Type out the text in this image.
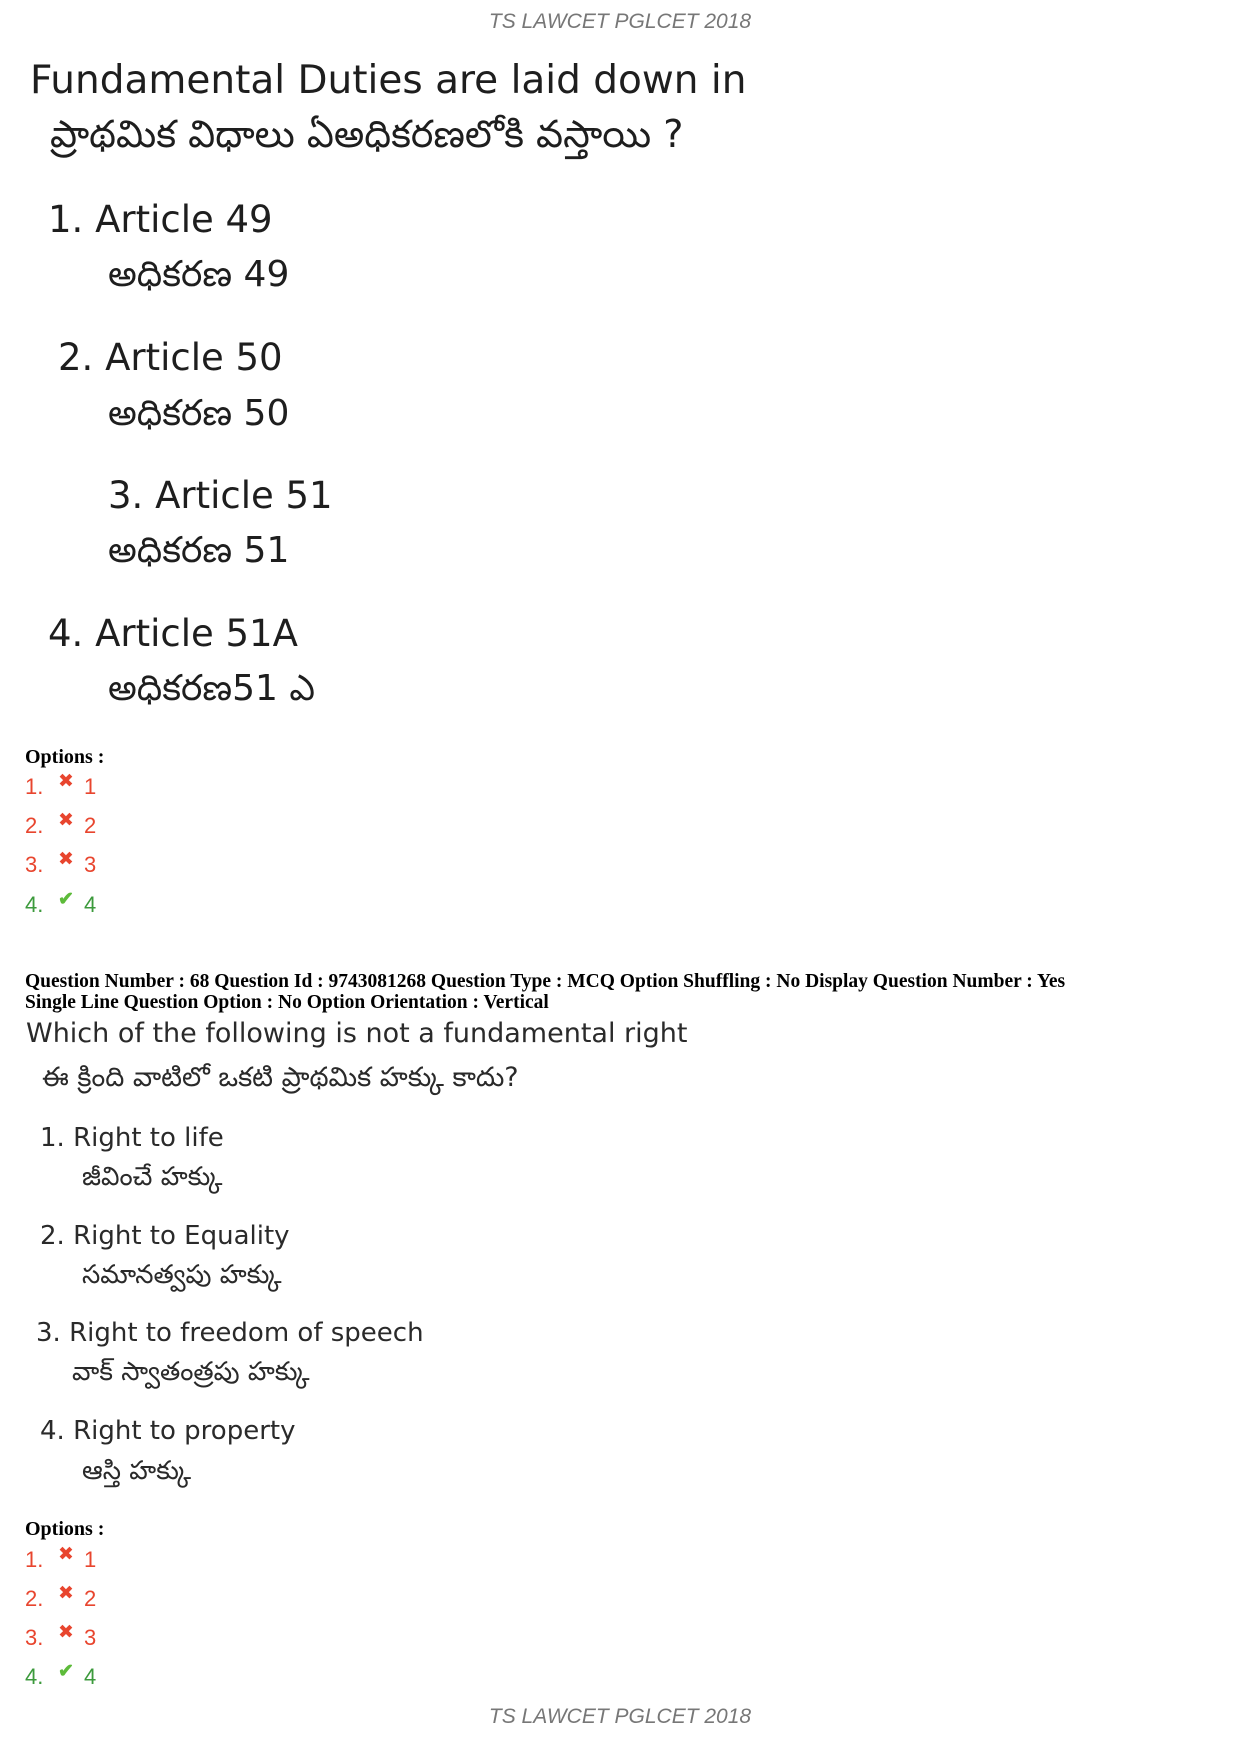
TS LAWCET PGLCET 2018
Fundamental Duties are laid down in
ప్రాథమిక విధాలు ఏఅధికరణలోకి వస్తాయి ?
1. Article 49
అధికరణ 49
2. Article 50
అధికరణ 50
3. Article 51
అధికరణ 51
4. Article 51A
అధికరణ51 ఎ
Options :
1. ✖ 1
2. ✖ 2
3. ✖ 3
4. ✔ 4
Question Number : 68 Question Id : 9743081268 Question Type : MCQ Option Shuffling : No Display Question Number : Yes
Single Line Question Option : No Option Orientation : Vertical
Which of the following is not a fundamental right
ఈ క్రింది వాటిలో ఒకటి ప్రాథమిక హక్కు కాదు?
1. Right to life
జీవించే హక్కు
2. Right to Equality
సమానత్వపు హక్కు
3. Right to freedom of speech
వాక్ స్వాతంత్రపు హక్కు
4. Right to property
ఆస్తి హక్కు
Options :
1. ✖ 1
2. ✖ 2
3. ✖ 3
4. ✔ 4
TS LAWCET PGLCET 2018
